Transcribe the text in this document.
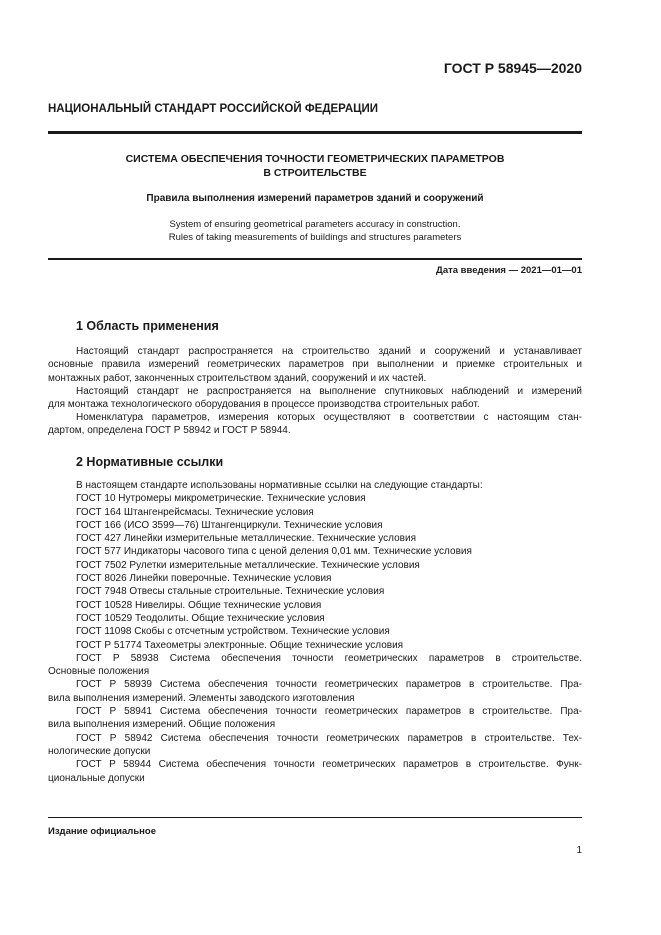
ГОСТ Р 58945—2020
НАЦИОНАЛЬНЫЙ СТАНДАРТ РОССИЙСКОЙ ФЕДЕРАЦИИ
СИСТЕМА ОБЕСПЕЧЕНИЯ ТОЧНОСТИ ГЕОМЕТРИЧЕСКИХ ПАРАМЕТРОВ
В СТРОИТЕЛЬСТВЕ
Правила выполнения измерений параметров зданий и сооружений
System of ensuring geometrical parameters accuracy in construction.
Rules of taking measurements of buildings and structures parameters
Дата введения — 2021—01—01
1 Область применения
Настоящий стандарт распространяется на строительство зданий и сооружений и устанавливает
основные правила измерений геометрических параметров при выполнении и приемке строительных и
монтажных работ, законченных строительством зданий, сооружений и их частей.
Настоящий стандарт не распространяется на выполнение спутниковых наблюдений и измерений
для монтажа технологического оборудования в процессе производства строительных работ.
Номенклатура параметров, измерения которых осуществляют в соответствии с настоящим стан-
дартом, определена ГОСТ Р 58942 и ГОСТ Р 58944.
2 Нормативные ссылки
В настоящем стандарте использованы нормативные ссылки на следующие стандарты:
ГОСТ 10 Нутромеры микрометрические. Технические условия
ГОСТ 164 Штангенрейсмасы. Технические условия
ГОСТ 166 (ИСО 3599—76) Штангенциркули. Технические условия
ГОСТ 427 Линейки измерительные металлические. Технические условия
ГОСТ 577 Индикаторы часового типа с ценой деления 0,01 мм. Технические условия
ГОСТ 7502 Рулетки измерительные металлические. Технические условия
ГОСТ 8026 Линейки поверочные. Технические условия
ГОСТ 7948 Отвесы стальные строительные. Технические условия
ГОСТ 10528 Нивелиры. Общие технические условия
ГОСТ 10529 Теодолиты. Общие технические условия
ГОСТ 11098 Скобы с отсчетным устройством. Технические условия
ГОСТ Р 51774 Тахеометры электронные. Общие технические условия
ГОСТ Р 58938 Система обеспечения точности геометрических параметров в строительстве.
Основные положения
ГОСТ Р 58939 Система обеспечения точности геометрических параметров в строительстве. Пра-
вила выполнения измерений. Элементы заводского изготовления
ГОСТ Р 58941 Система обеспечения точности геометрических параметров в строительстве. Пра-
вила выполнения измерений. Общие положения
ГОСТ Р 58942 Система обеспечения точности геометрических параметров в строительстве. Тех-
нологические допуски
ГОСТ Р 58944 Система обеспечения точности геометрических параметров в строительстве. Функ-
циональные допуски
Издание официальное
1
